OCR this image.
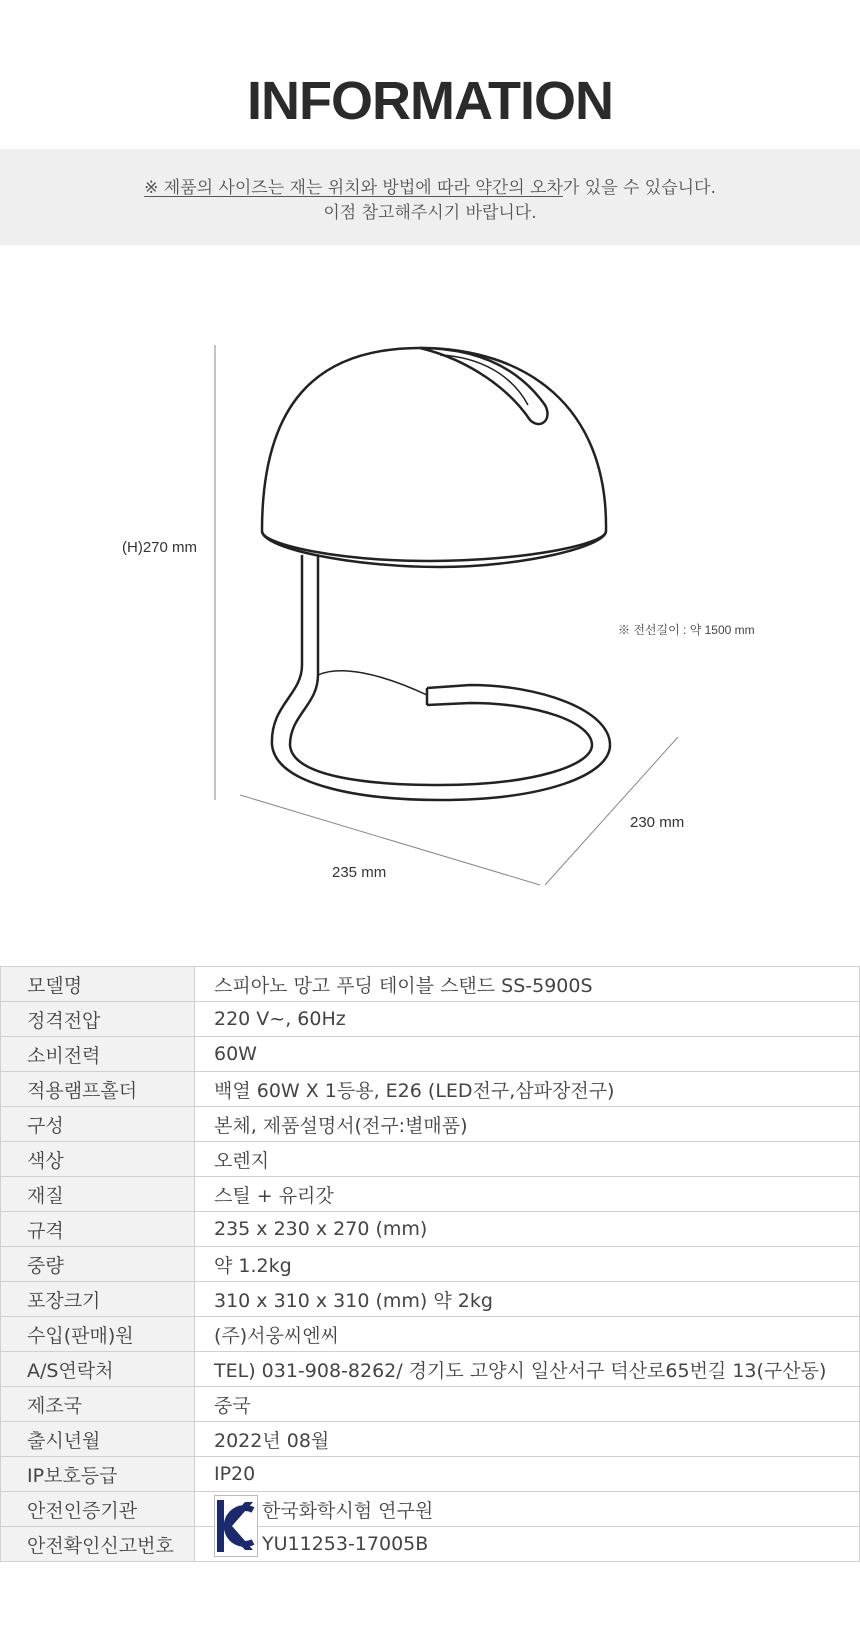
INFORMATION
※ 제품의 사이즈는 재는 위치와 방법에 따라 약간의 오차가 있을 수 있습니다.
이점 참고해주시기 바랍니다.
(H)270 mm
※ 전선길이 : 약 1500 mm
235 mm
230 mm
모델명	스피아노 망고 푸딩 테이블 스탠드 SS-5900S
정격전압	220 V~, 60Hz
소비전력	60W
적용램프홀더	백열 60W X 1등용, E26 (LED전구,삼파장전구)
구성	본체, 제품설명서(전구:별매품)
색상	오렌지
재질	스틸 + 유리갓
규격	235 x 230 x 270 (mm)
중량	약 1.2kg
포장크기	310 x 310 x 310 (mm) 약 2kg
수입(판매)원	(주)서웅씨엔씨
A/S연락처	TEL) 031-908-8262/ 경기도 고양시 일산서구 덕산로65번길 13(구산동)
제조국	중국
출시년월	2022년 08월
IP보호등급	IP20
안전인증기관	한국화학시험 연구원
안전확인신고번호	YU11253-17005B
